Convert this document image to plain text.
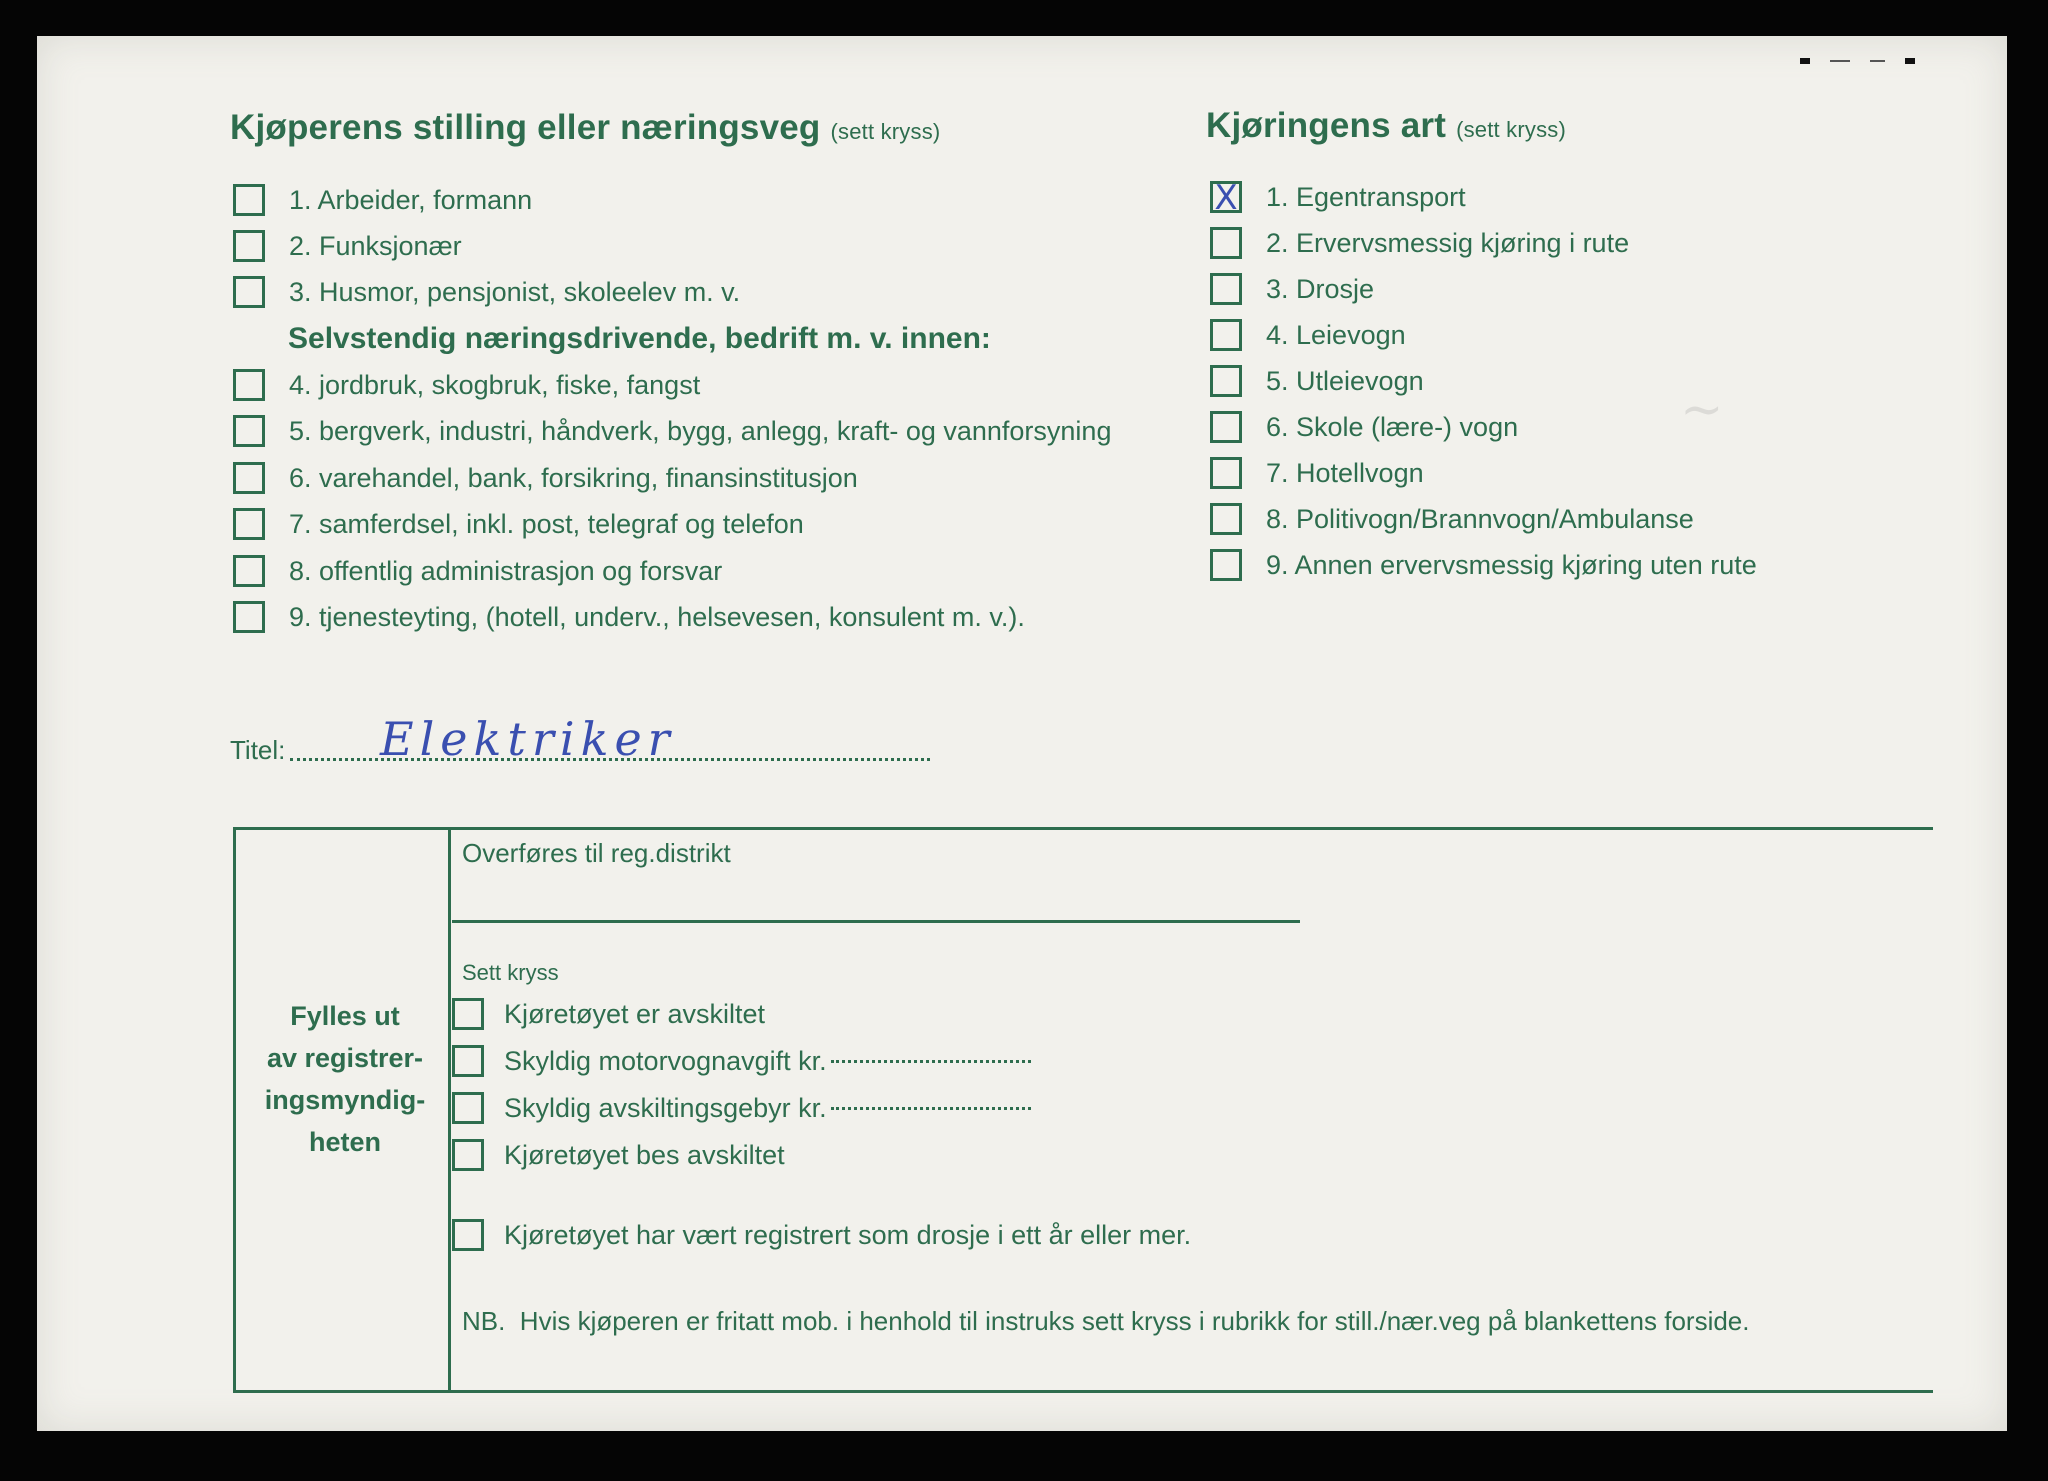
~
Kjøperens stilling eller næringsveg (sett kryss)
1. Arbeider, formann
2. Funksjonær
3. Husmor, pensjonist, skoleelev m. v.
Selvstendig næringsdrivende, bedrift m. v. innen:
4. jordbruk, skogbruk, fiske, fangst
5. bergverk, industri, håndverk, bygg, anlegg, kraft- og vannforsyning
6. varehandel, bank, forsikring, finansinstitusjon
7. samferdsel, inkl. post, telegraf og telefon
8. offentlig administrasjon og forsvar
9. tjenesteyting, (hotell, underv., helsevesen, konsulent m. v.).
Kjøringens art (sett kryss)
X 1. Egentransport
2. Ervervsmessig kjøring i rute
3. Drosje
4. Leievogn
5. Utleievogn
6. Skole (lære-) vogn
7. Hotellvogn
8. Politivogn/Brannvogn/Ambulanse
9. Annen ervervsmessig kjøring uten rute
Titel: Elektriker
Fylles ut
av registrer-
ingsmyndig-
heten
Overføres til reg.distrikt
Sett kryss
Kjøretøyet er avskiltet
Skyldig motorvognavgift kr.
Skyldig avskiltingsgebyr kr.
Kjøretøyet bes avskiltet
Kjøretøyet har vært registrert som drosje i ett år eller mer.
NB.  Hvis kjøperen er fritatt mob. i henhold til instruks sett kryss i rubrikk for still./nær.veg på blankettens forside.
